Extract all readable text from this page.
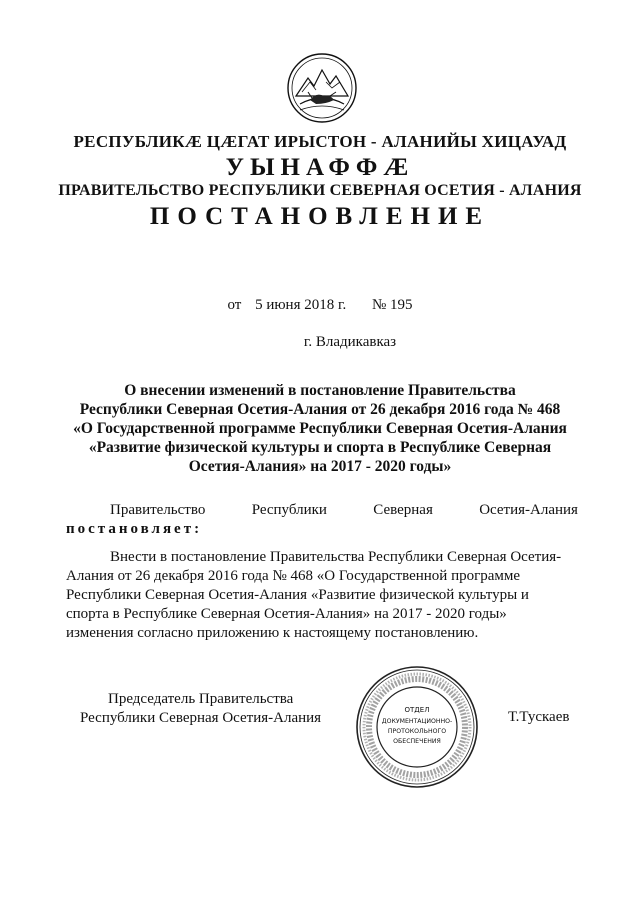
РЕСПУБЛИКӔ ЦӔГАТ ИРЫСТОН - АЛАНИЙЫ ХИЦАУАД
УЫНАФФӔ
ПРАВИТЕЛЬСТВО РЕСПУБЛИКИ СЕВЕРНАЯ ОСЕТИЯ - АЛАНИЯ
ПОСТАНОВЛЕНИЕ
от 5 июня 2018 г. № 195
г. Владикавказ
О внесении изменений в постановление Правительства
Республики Северная Осетия-Алания от 26 декабря 2016 года № 468
«О Государственной программе Республики Северная Осетия-Алания
«Развитие физической культуры и спорта в Республике Северная
Осетия-Алания» на 2017 - 2020 годы»
Правительство	Республики	Северная	Осетия-Алания
постановляет:
Внести в постановление Правительства Республики Северная Осетия-
Алания от 26 декабря 2016 года № 468 «О Государственной программе
Республики Северная Осетия-Алания «Развитие физической культуры и
спорта в Республике Северная Осетия-Алания» на 2017 - 2020 годы»
изменения согласно приложению к настоящему постановлению.
Председатель Правительства
Республики Северная Осетия-Алания	ОТДЕЛ
ДОКУМЕНТАЦИОННО-
ПРОТОКОЛЬНОГО
ОБЕСПЕЧЕНИЯ
Т.Тускаев
